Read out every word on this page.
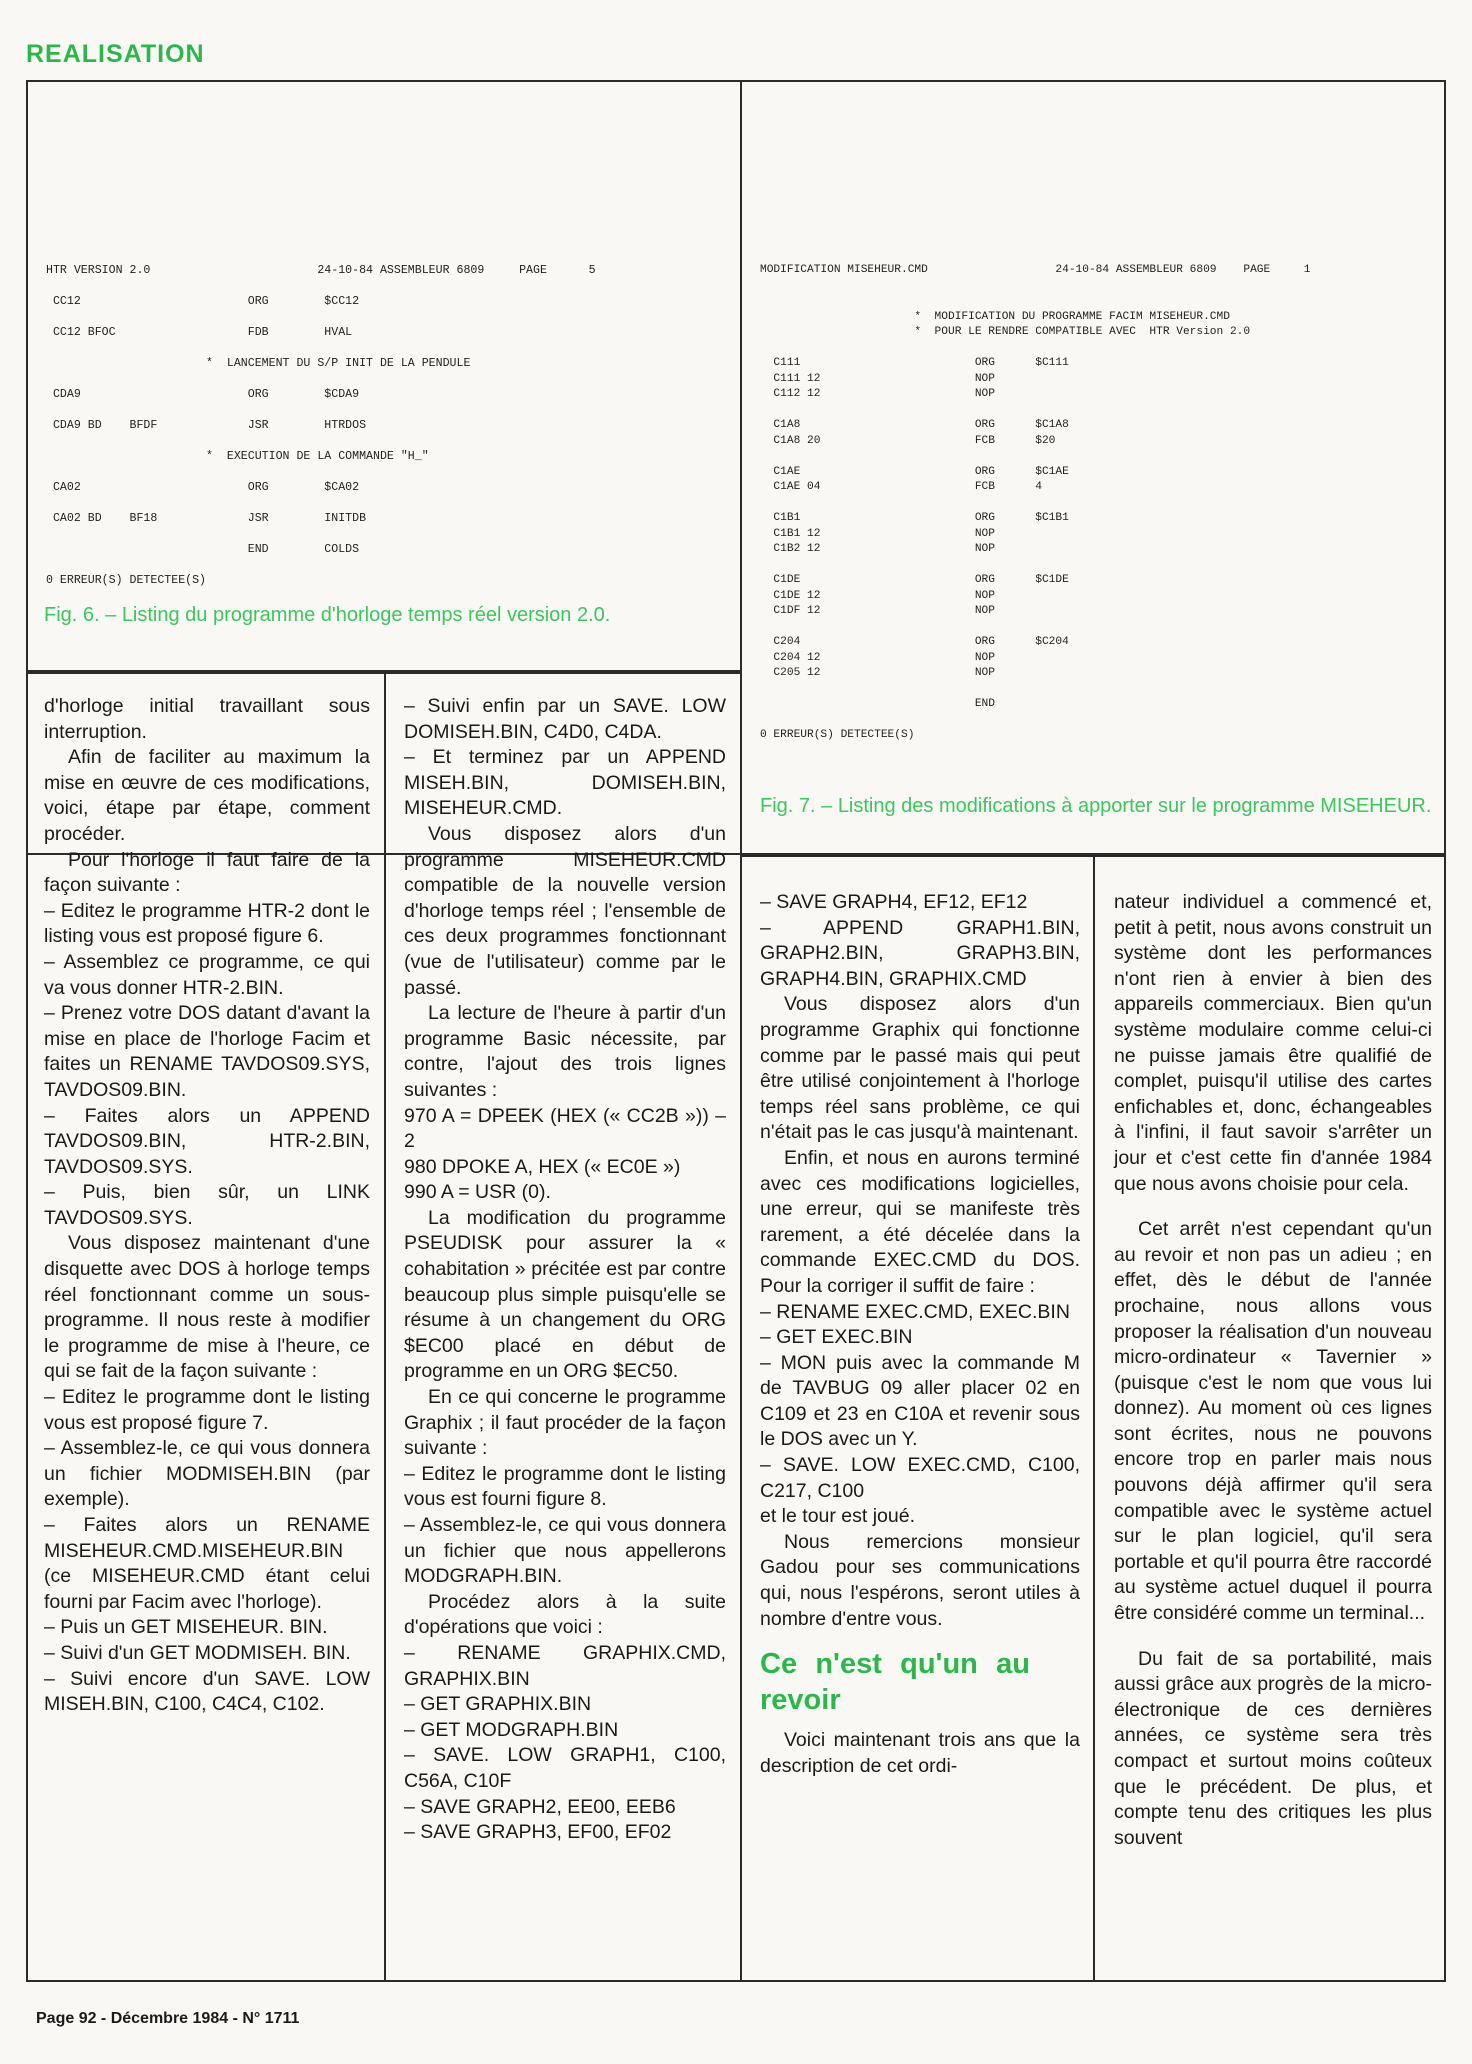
REALISATION
HTR VERSION 2.0                        24-10-84 ASSEMBLEUR 6809     PAGE      5

CC12                        ORG        $CC12

CC12 BFOC                   FDB        HVAL

*  LANCEMENT DU S/P INIT DE LA PENDULE

CDA9                        ORG        $CDA9

CDA9 BD    BFDF             JSR        HTRDOS

*  EXECUTION DE LA COMMANDE "H_"

CA02                        ORG        $CA02

CA02 BD    BF18             JSR        INITDB

END        COLDS

0 ERREUR(S) DETECTEE(S)
Fig. 6. – Listing du programme d'horloge temps réel version 2.0.
MODIFICATION MISEHEUR.CMD                   24-10-84 ASSEMBLEUR 6809    PAGE     1

*  MODIFICATION DU PROGRAMME FACIM MISEHEUR.CMD
*  POUR LE RENDRE COMPATIBLE AVEC  HTR Version 2.0

C111                          ORG      $C111
C111 12                       NOP
C112 12                       NOP

C1A8                          ORG      $C1A8
C1A8 20                       FCB      $20

C1AE                          ORG      $C1AE
C1AE 04                       FCB      4

C1B1                          ORG      $C1B1
C1B1 12                       NOP
C1B2 12                       NOP

C1DE                          ORG      $C1DE
C1DE 12                       NOP
C1DF 12                       NOP

C204                          ORG      $C204
C204 12                       NOP
C205 12                       NOP

END

0 ERREUR(S) DETECTEE(S)
Fig. 7. – Listing des modifications à apporter sur le programme MISEHEUR.

d'horloge initial travaillant sous interruption.

Afin de faciliter au maximum la mise en œuvre de ces modifications, voici, étape par étape, comment procéder.

Pour l'horloge il faut faire de la façon suivante :

– Editez le programme HTR-2 dont le listing vous est proposé figure 6.

– Assemblez ce programme, ce qui va vous donner HTR-2.BIN.

– Prenez votre DOS datant d'avant la mise en place de l'horloge Facim et faites un RENAME TAVDOS09.SYS, TAVDOS09.BIN.

– Faites alors un APPEND TAVDOS09.BIN, HTR-2.BIN, TAVDOS09.SYS.

– Puis, bien sûr, un LINK TAVDOS09.SYS.

Vous disposez maintenant d'une disquette avec DOS à horloge temps réel fonctionnant comme un sous-programme. Il nous reste à modifier le programme de mise à l'heure, ce qui se fait de la façon suivante :

– Editez le programme dont le listing vous est proposé figure 7.

– Assemblez-le, ce qui vous donnera un fichier MODMISEH.BIN (par exemple).

– Faites alors un RENAME MISEHEUR.CMD.MISEHEUR.BIN (ce MISEHEUR.CMD étant celui fourni par Facim avec l'horloge).

– Puis un GET MISEHEUR. BIN.

– Suivi d'un GET MODMISEH. BIN.

– Suivi encore d'un SAVE. LOW MISEH.BIN, C100, C4C4, C102.

– Suivi enfin par un SAVE. LOW DOMISEH.BIN, C4D0, C4DA.

– Et terminez par un APPEND MISEH.BIN, DOMISEH.BIN, MISEHEUR.CMD.

Vous disposez alors d'un programme MISEHEUR.CMD compatible de la nouvelle version d'horloge temps réel ; l'ensemble de ces deux programmes fonctionnant (vue de l'utilisateur) comme par le passé.

La lecture de l'heure à partir d'un programme Basic nécessite, par contre, l'ajout des trois lignes suivantes :

970 A = DPEEK (HEX (« CC2B »)) – 2

980 DPOKE A, HEX (« EC0E »)

990 A = USR (0).

La modification du programme PSEUDISK pour assurer la « cohabitation » précitée est par contre beaucoup plus simple puisqu'elle se résume à un changement du ORG $EC00 placé en début de programme en un ORG $EC50.

En ce qui concerne le programme Graphix ; il faut procéder de la façon suivante :

– Editez le programme dont le listing vous est fourni figure 8.

– Assemblez-le, ce qui vous donnera un fichier que nous appellerons MODGRAPH.BIN.

Procédez alors à la suite d'opérations que voici :

– RENAME GRAPHIX.CMD, GRAPHIX.BIN

– GET GRAPHIX.BIN

– GET MODGRAPH.BIN

– SAVE. LOW GRAPH1, C100, C56A, C10F

– SAVE GRAPH2, EE00, EEB6

– SAVE GRAPH3, EF00, EF02

– SAVE GRAPH4, EF12, EF12

– APPEND GRAPH1.BIN, GRAPH2.BIN, GRAPH3.BIN, GRAPH4.BIN, GRAPHIX.CMD

Vous disposez alors d'un programme Graphix qui fonctionne comme par le passé mais qui peut être utilisé conjointement à l'horloge temps réel sans problème, ce qui n'était pas le cas jusqu'à maintenant.

Enfin, et nous en aurons terminé avec ces modifications logicielles, une erreur, qui se manifeste très rarement, a été décelée dans la commande EXEC.CMD du DOS. Pour la corriger il suffit de faire :

– RENAME EXEC.CMD, EXEC.BIN

– GET EXEC.BIN

– MON puis avec la commande M de TAVBUG 09 aller placer 02 en C109 et 23 en C10A et revenir sous le DOS avec un Y.

– SAVE. LOW EXEC.CMD, C100, C217, C100

et le tour est joué.

Nous remercions monsieur Gadou pour ses communications qui, nous l'espérons, seront utiles à nombre d'entre vous.

Ce n'est qu'un au revoir

Voici maintenant trois ans que la description de cet ordi-

nateur individuel a commencé et, petit à petit, nous avons construit un système dont les performances n'ont rien à envier à bien des appareils commerciaux. Bien qu'un système modulaire comme celui-ci ne puisse jamais être qualifié de complet, puisqu'il utilise des cartes enfichables et, donc, échangeables à l'infini, il faut savoir s'arrêter un jour et c'est cette fin d'année 1984 que nous avons choisie pour cela.

Cet arrêt n'est cependant qu'un au revoir et non pas un adieu ; en effet, dès le début de l'année prochaine, nous allons vous proposer la réalisation d'un nouveau micro-ordinateur « Tavernier » (puisque c'est le nom que vous lui donnez). Au moment où ces lignes sont écrites, nous ne pouvons encore trop en parler mais nous pouvons déjà affirmer qu'il sera compatible avec le système actuel sur le plan logiciel, qu'il sera portable et qu'il pourra être raccordé au système actuel duquel il pourra être considéré comme un terminal...

Du fait de sa portabilité, mais aussi grâce aux progrès de la micro-électronique de ces dernières années, ce système sera très compact et surtout moins coûteux que le précédent. De plus, et compte tenu des critiques les plus souvent

Page 92 - Décembre 1984 - N° 1711
